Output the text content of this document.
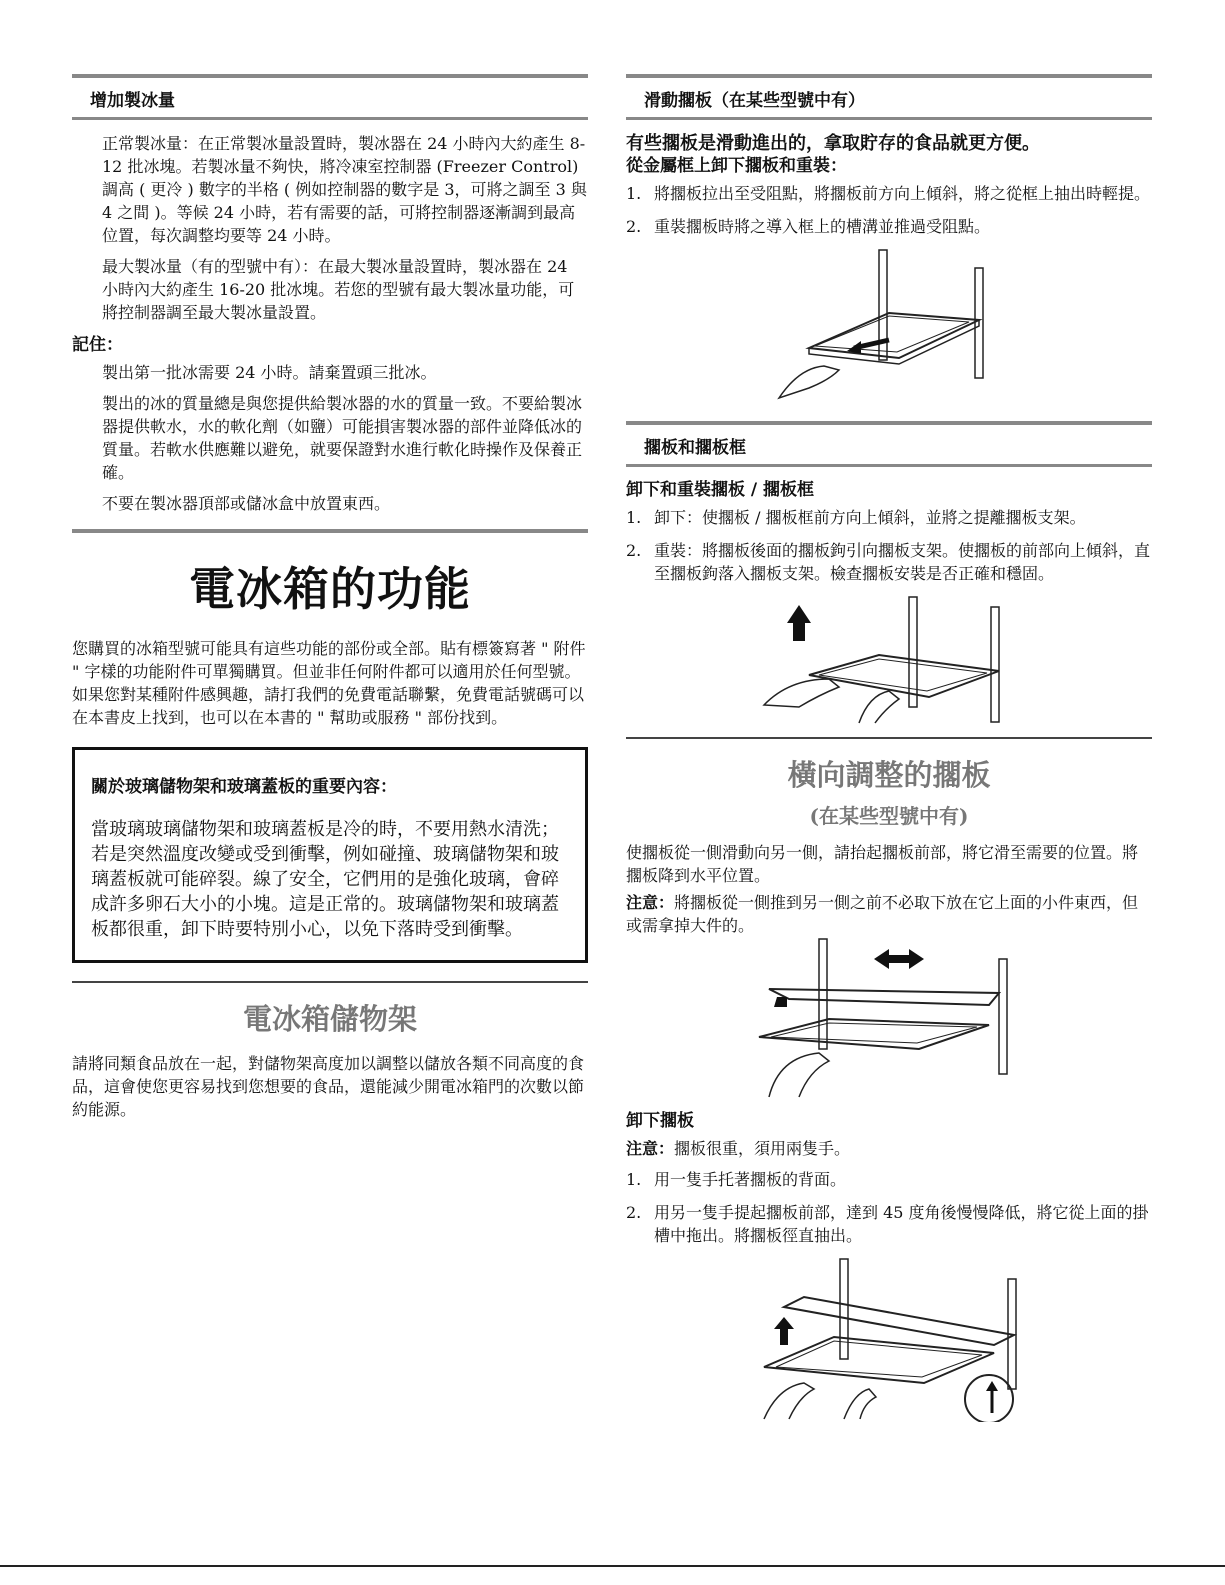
增加製冰量

正常製冰量：在正常製冰量設置時，製冰器在 24 小時內大約產生 8-12 批冰塊。若製冰量不夠快，將冷凍室控制器 (Freezer Control) 調高 ( 更冷 ) 數字的半格 ( 例如控制器的數字是 3，可將之調至 3 與 4 之間 )。等候 24 小時，若有需要的話，可將控制器逐漸調到最高位置，每次調整均要等 24 小時。

最大製冰量（有的型號中有）：在最大製冰量設置時，製冰器在 24 小時內大約產生 16-20 批冰塊。若您的型號有最大製冰量功能，可將控制器調至最大製冰量設置。

記住：

製出第一批冰需要 24 小時。請棄置頭三批冰。

製出的冰的質量總是與您提供給製冰器的水的質量一致。不要給製冰器提供軟水，水的軟化劑（如鹽）可能損害製冰器的部件並降低冰的質量。若軟水供應難以避免，就要保證對水進行軟化時操作及保養正確。

不要在製冰器頂部或儲冰盒中放置東西。

電冰箱的功能

您購買的冰箱型號可能具有這些功能的部份或全部。貼有標簽寫著 " 附件 " 字樣的功能附件可單獨購買。但並非任何附件都可以適用於任何型號。如果您對某種附件感興趣，請打我們的免費電話聯繫，免費電話號碼可以在本書皮上找到，也可以在本書的 " 幫助或服務 " 部份找到。

關於玻璃儲物架和玻璃蓋板的重要內容：
當玻璃玻璃儲物架和玻璃蓋板是冷的時，不要用熱水清洗；若是突然溫度改變或受到衝擊，例如碰撞、玻璃儲物架和玻璃蓋板就可能碎裂。線了安全，它們用的是強化玻璃，會碎成許多卵石大小的小塊。這是正常的。玻璃儲物架和玻璃蓋板都很重，卸下時要特別小心，以免下落時受到衝擊。
電冰箱儲物架

請將同類食品放在一起，對儲物架高度加以調整以儲放各類不同高度的食品，這會使您更容易找到您想要的食品，還能減少開電冰箱門的次數以節約能源。

滑動擱板（在某些型號中有）
有些擱板是滑動進出的，拿取貯存的食品就更方便。
從金屬框上卸下擱板和重裝：
1. 將擱板拉出至受阻點，將擱板前方向上傾斜，將之從框上抽出時輕提。
2. 重裝擱板時將之導入框上的槽溝並推過受阻點。
擱板和擱板框
卸下和重裝擱板 / 擱板框
1. 卸下：使擱板 / 擱板框前方向上傾斜，並將之提離擱板支架。
2. 重裝：將擱板後面的擱板鉤引向擱板支架。使擱板的前部向上傾斜，直至擱板鉤落入擱板支架。檢查擱板安裝是否正確和穩固。
橫向調整的擱板
(在某些型號中有)

使擱板從一側滑動向另一側，請抬起擱板前部，將它滑至需要的位置。將擱板降到水平位置。

注意：將擱板從一側推到另一側之前不必取下放在它上面的小件東西，但或需拿掉大件的。

卸下擱板

注意：擱板很重，須用兩隻手。

1. 用一隻手托著擱板的背面。
2. 用另一隻手提起擱板前部，達到 45 度角後慢慢降低，將它從上面的掛槽中拖出。將擱板徑直抽出。
